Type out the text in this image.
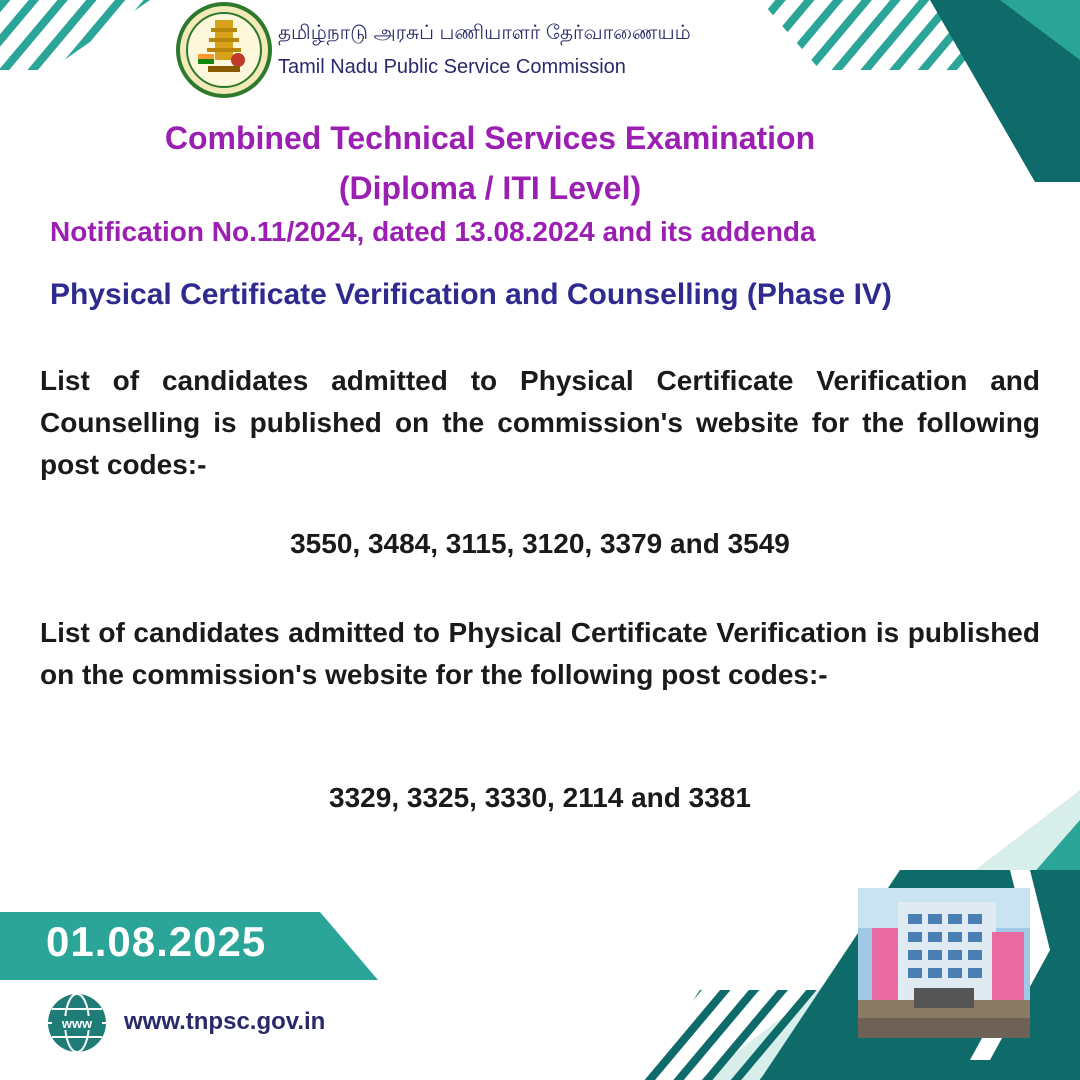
தமிழ்நாடு அரசுப் பணியாளர் தேர்வாணையம்
Tamil Nadu Public Service Commission
Combined Technical Services Examination
(Diploma / ITI Level)
Notification No.11/2024, dated 13.08.2024 and its addenda
Physical Certificate Verification and Counselling (Phase IV)
List of candidates admitted to Physical Certificate Verification and Counselling is published on the commission's website for the following post codes:-
3550, 3484, 3115, 3120, 3379 and 3549
List of candidates admitted to Physical Certificate Verification is published on the commission's website for the following post codes:-
3329, 3325, 3330, 2114 and 3381
01.08.2025
www www.tnpsc.gov.in
